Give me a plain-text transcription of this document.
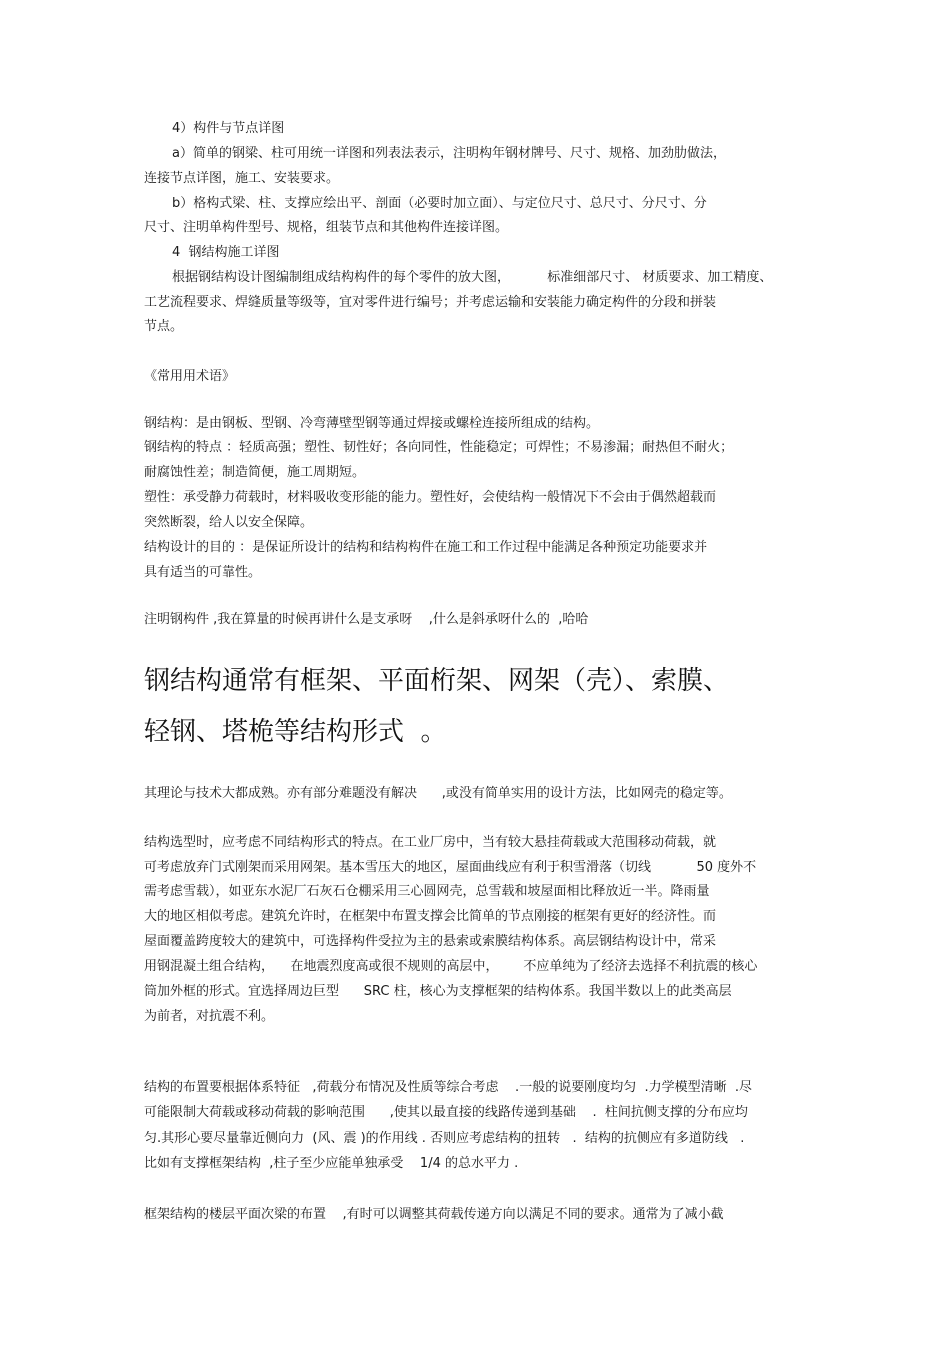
4）构件与节点详图

a）简单的钢梁、柱可用统一详图和列表法表示，注明构年钢材牌号、尺寸、规格、加劲肋做法，

连接节点详图，施工、安装要求。

b）格构式梁、柱、支撑应绘出平、剖面（必要时加立面）、与定位尺寸、总尺寸、分尺寸、分

尺寸、注明单构件型号、规格，组装节点和其他构件连接详图。

4  钢结构施工详图

根据钢结构设计图编制组成结构构件的每个零件的放大图，         标准细部尺寸、 材质要求、加工精度、

工艺流程要求、焊缝质量等级等，宜对零件进行编号；并考虑运输和安装能力确定构件的分段和拼装

节点。

《常用用术语》

钢结构：是由钢板、型钢、冷弯薄壁型钢等通过焊接或螺栓连接所组成的结构。

钢结构的特点 ：轻质高强；塑性、韧性好；各向同性，性能稳定；可焊性；不易渗漏；耐热但不耐火；

耐腐蚀性差；制造简便，施工周期短。

塑性：承受静力荷载时，材料吸收变形能的能力。塑性好，会使结构一般情况下不会由于偶然超载而

突然断裂，给人以安全保障。

结构设计的目的 ：是保证所设计的结构和结构构件在施工和工作过程中能满足各种预定功能要求并

具有适当的可靠性。

注明钢构件 ,我在算量的时候再讲什么是支承呀    ,什么是斜承呀什么的  ,哈哈

钢结构通常有框架、平面桁架、网架（壳）、索膜、

轻钢、塔桅等结构形式  。

其理论与技术大都成熟。亦有部分难题没有解决      ,或没有简单实用的设计方法，比如网壳的稳定等。

结构选型时，应考虑不同结构形式的特点。在工业厂房中，当有较大悬挂荷载或大范围移动荷载，就

可考虑放弃门式刚架而采用网架。基本雪压大的地区，屋面曲线应有利于积雪滑落（切线           50 度外不

需考虑雪载），如亚东水泥厂石灰石仓棚采用三心圆网壳，总雪载和坡屋面相比释放近一半。降雨量

大的地区相似考虑。建筑允许时，在框架中布置支撑会比简单的节点刚接的框架有更好的经济性。而

屋面覆盖跨度较大的建筑中，可选择构件受拉为主的悬索或索膜结构体系。高层钢结构设计中，常采

用钢混凝土组合结构，    在地震烈度高或很不规则的高层中，      不应单纯为了经济去选择不利抗震的核心

筒加外框的形式。宜选择周边巨型      SRC 柱，核心为支撑框架的结构体系。我国半数以上的此类高层

为前者，对抗震不利。

结构的布置要根据体系特征   ,荷载分布情况及性质等综合考虑    .一般的说要刚度均匀  .力学模型清晰  .尽

可能限制大荷载或移动荷载的影响范围      ,使其以最直接的线路传递到基础    .  柱间抗侧支撑的分布应均

匀.其形心要尽量靠近侧向力  (风、震 )的作用线 . 否则应考虑结构的扭转   .  结构的抗侧应有多道防线   .

比如有支撑框架结构  ,柱子至少应能单独承受    1/4 的总水平力 .

框架结构的楼层平面次梁的布置    ,有时可以调整其荷载传递方向以满足不同的要求。通常为了减小截
